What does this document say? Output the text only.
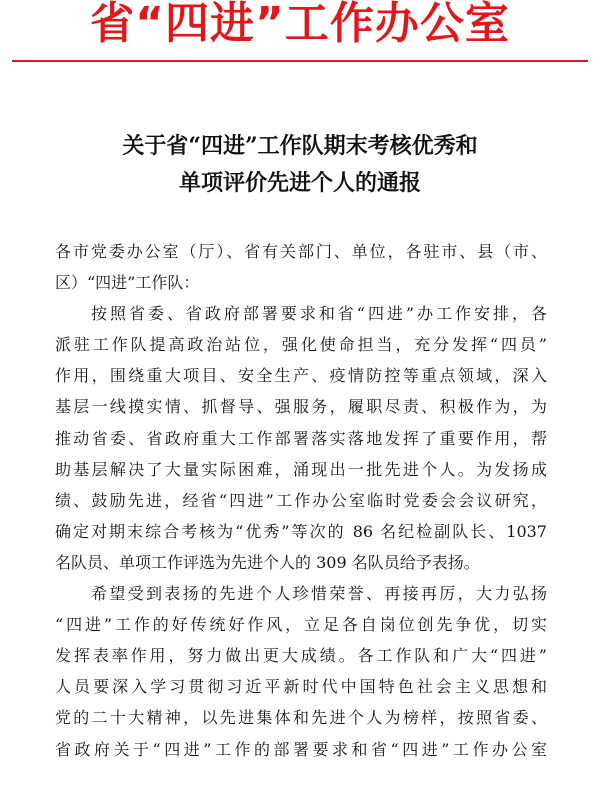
省“四进”工作办公室
关于省“四进”工作队期末考核优秀和
单项评价先进个人的通报
各市党委办公室（厅）、省有关部门、单位，各驻市、县（市、
区）“四进”工作队：
按照省委、省政府部署要求和省“四进”办工作安排，各
派驻工作队提高政治站位，强化使命担当，充分发挥“四员”
作用，围绕重大项目、安全生产、疫情防控等重点领域，深入
基层一线摸实情、抓督导、强服务，履职尽责、积极作为，为
推动省委、省政府重大工作部署落实落地发挥了重要作用，帮
助基层解决了大量实际困难，涌现出一批先进个人。为发扬成
绩、鼓励先进，经省“四进”工作办公室临时党委会会议研究，
确定对期末综合考核为“优秀”等次的 86 名纪检副队长、1037
名队员、单项工作评选为先进个人的 309 名队员给予表扬。
希望受到表扬的先进个人珍惜荣誉、再接再厉，大力弘扬
“四进”工作的好传统好作风，立足各自岗位创先争优，切实
发挥表率作用，努力做出更大成绩。各工作队和广大“四进”
人员要深入学习贯彻习近平新时代中国特色社会主义思想和
党的二十大精神，以先进集体和先进个人为榜样，按照省委、
省政府关于“四进”工作的部署要求和省“四进”工作办公室
